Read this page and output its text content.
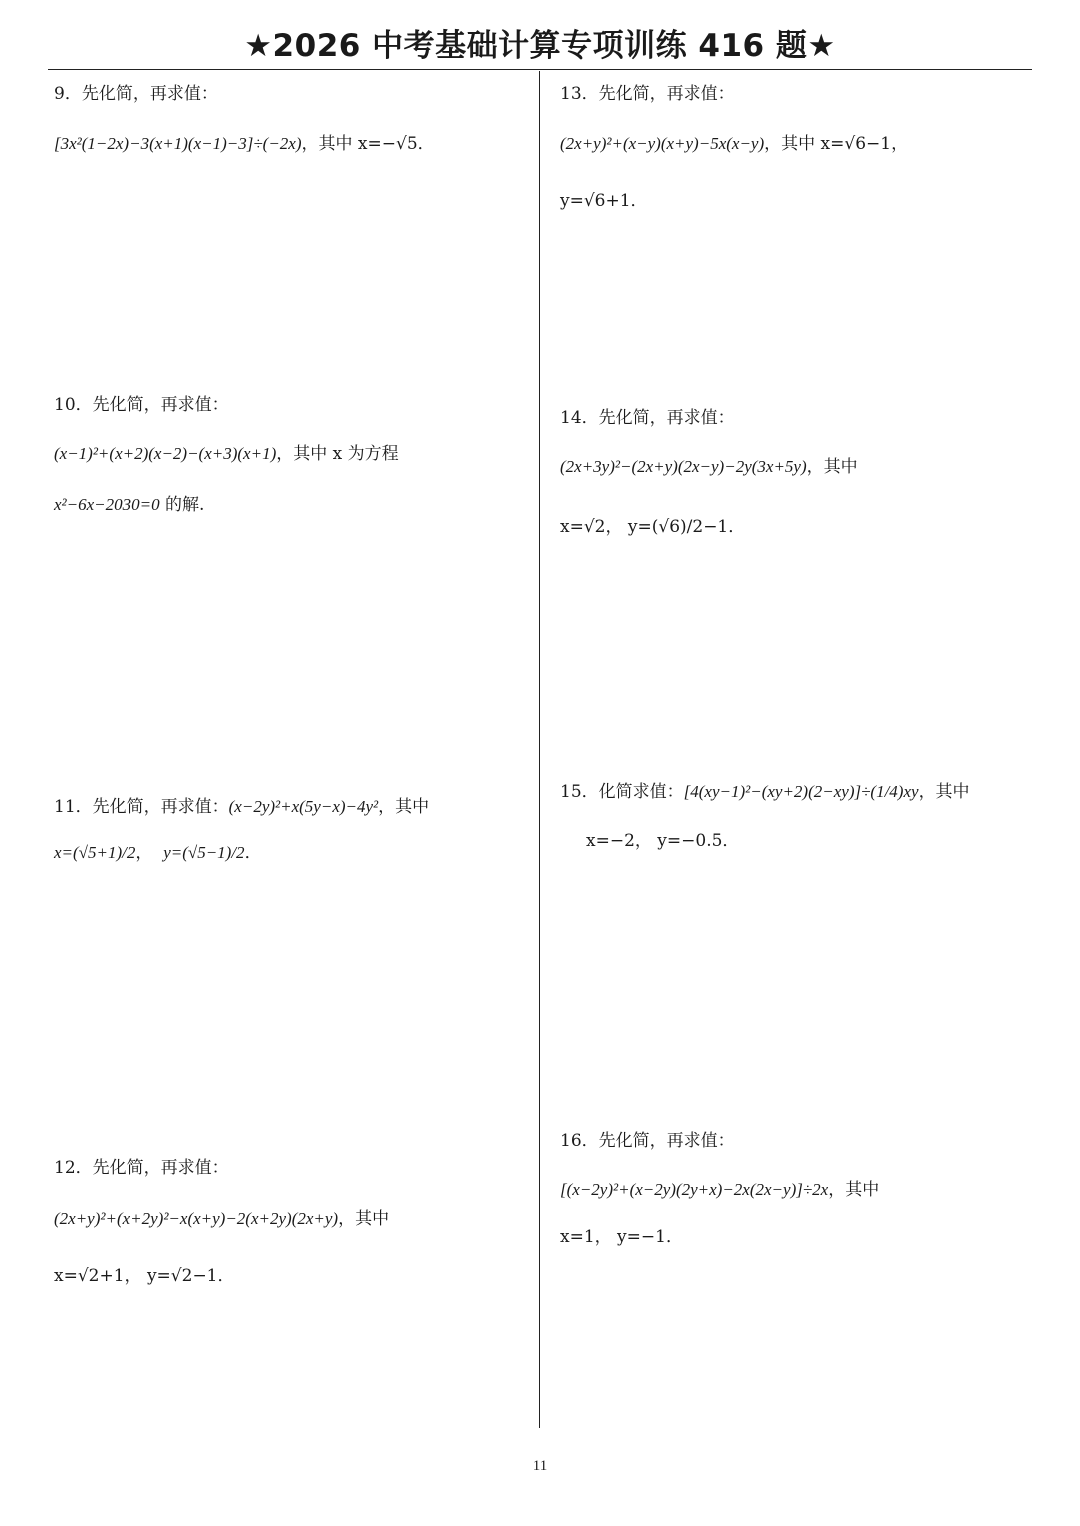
★2026 中考基础计算专项训练 416 题★
9．先化简，再求值：
[3x²(1−2x)−3(x+1)(x−1)−3]÷(−2x)，其中 x=−√5．
10．先化简，再求值：
(x−1)²+(x+2)(x−2)−(x+3)(x+1)，其中 x 为方程
x²−6x−2030=0 的解.
11．先化简，再求值：(x−2y)²+x(5y−x)−4y²，其中
x=(√5+1)/2，  y=(√5−1)/2．
12．先化简，再求值：
(2x+y)²+(x+2y)²−x(x+y)−2(x+2y)(2x+y)，其中
x=√2+1， y=√2−1．
13．先化简，再求值：
(2x+y)²+(x−y)(x+y)−5x(x−y)，其中 x=√6−1，
y=√6+1．
14．先化简，再求值：
(2x+3y)²−(2x+y)(2x−y)−2y(3x+5y)，其中
x=√2， y=(√6)/2−1．
15．化简求值：[4(xy−1)²−(xy+2)(2−xy)]÷(1/4)xy，其中
x=−2， y=−0.5．
16．先化简，再求值：
[(x−2y)²+(x−2y)(2y+x)−2x(2x−y)]÷2x，其中
x=1， y=−1．
11
